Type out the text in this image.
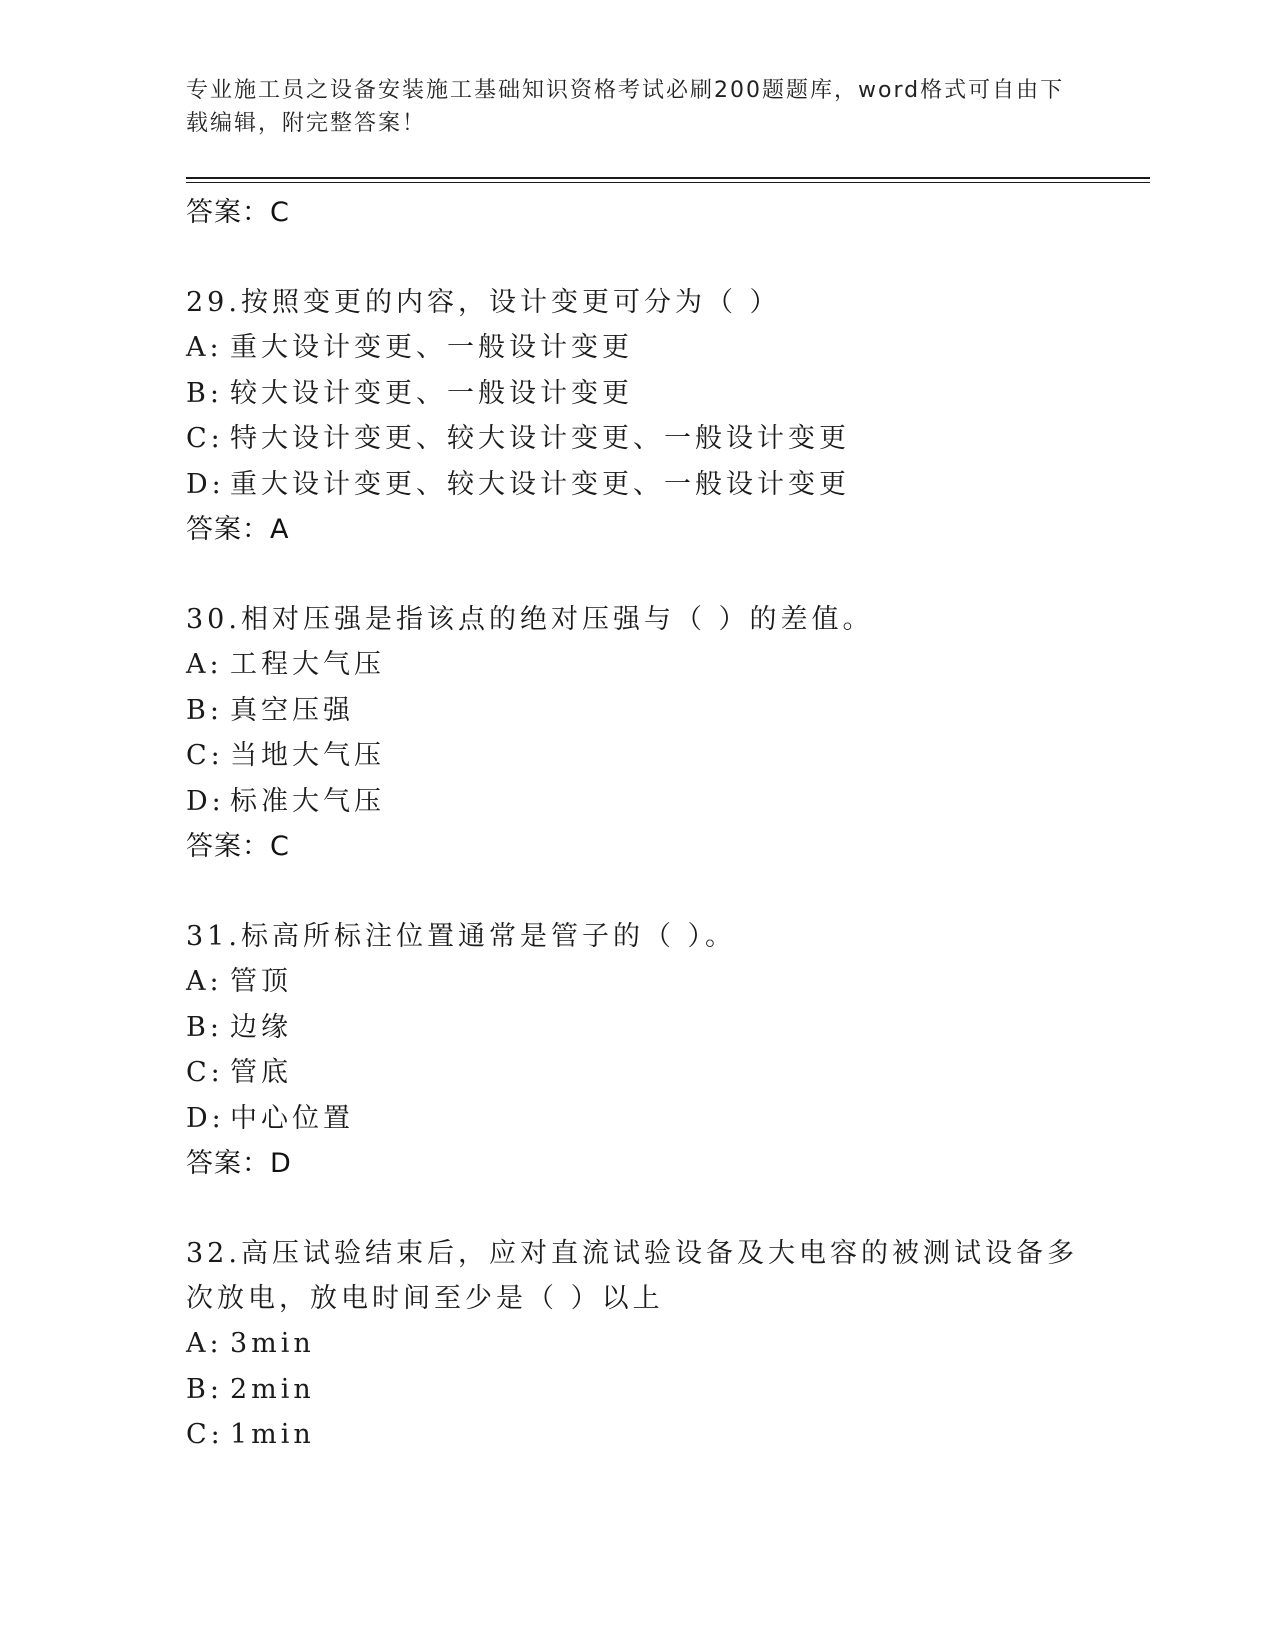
专业施工员之设备安装施工基础知识资格考试必刷200题题库，word格式可自由下载编辑，附完整答案！
答案：C
29.按照变更的内容，设计变更可分为（ ）
A: 重大设计变更、一般设计变更
B: 较大设计变更、一般设计变更
C: 特大设计变更、较大设计变更、一般设计变更
D: 重大设计变更、较大设计变更、一般设计变更
答案：A
30.相对压强是指该点的绝对压强与（ ）的差值。
A: 工程大气压
B: 真空压强
C: 当地大气压
D: 标准大气压
答案：C
31.标高所标注位置通常是管子的（ ）。
A: 管顶
B: 边缘
C: 管底
D: 中心位置
答案：D
32.高压试验结束后，应对直流试验设备及大电容的被测试设备多次放电，放电时间至少是（ ）以上
A: 3min
B: 2min
C: 1min
